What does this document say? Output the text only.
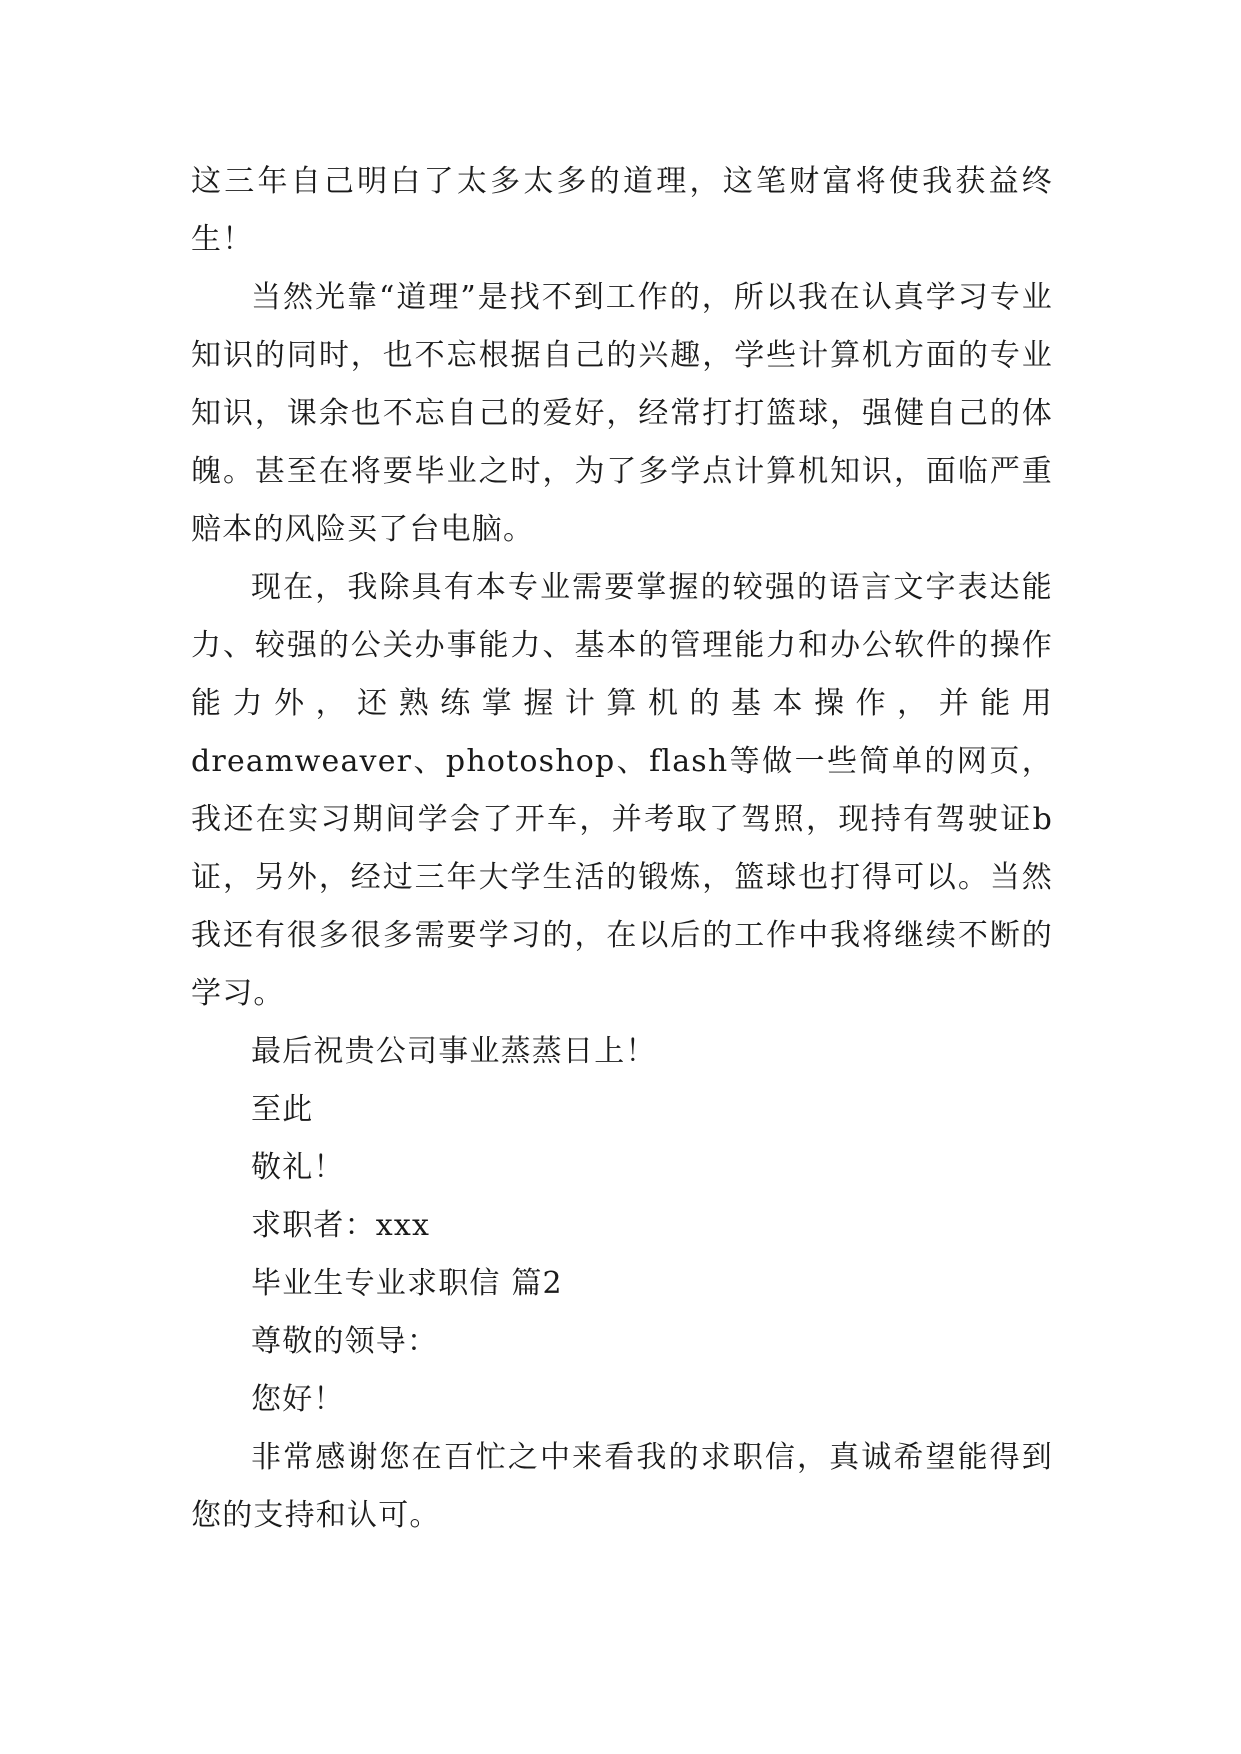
这三年自己明白了太多太多的道理，这笔财富将使我获益终生！

当然光靠“道理”是找不到工作的，所以我在认真学习专业知识的同时，也不忘根据自己的兴趣，学些计算机方面的专业知识，课余也不忘自己的爱好，经常打打篮球，强健自己的体魄。甚至在将要毕业之时，为了多学点计算机知识，面临严重赔本的风险买了台电脑。

现在，我除具有本专业需要掌握的较强的语言文字表达能力、较强的公关办事能力、基本的管理能力和办公软件的操作能力外，还熟练掌握计算机的基本操作，并能用dreamweaver、photoshop、flash等做一些简单的网页，我还在实习期间学会了开车，并考取了驾照，现持有驾驶证b证，另外，经过三年大学生活的锻炼，篮球也打得可以。当然我还有很多很多需要学习的，在以后的工作中我将继续不断的学习。

最后祝贵公司事业蒸蒸日上！

至此

敬礼！

求职者：xxx

毕业生专业求职信 篇2

尊敬的领导：

您好！

非常感谢您在百忙之中来看我的求职信，真诚希望能得到您的支持和认可。
